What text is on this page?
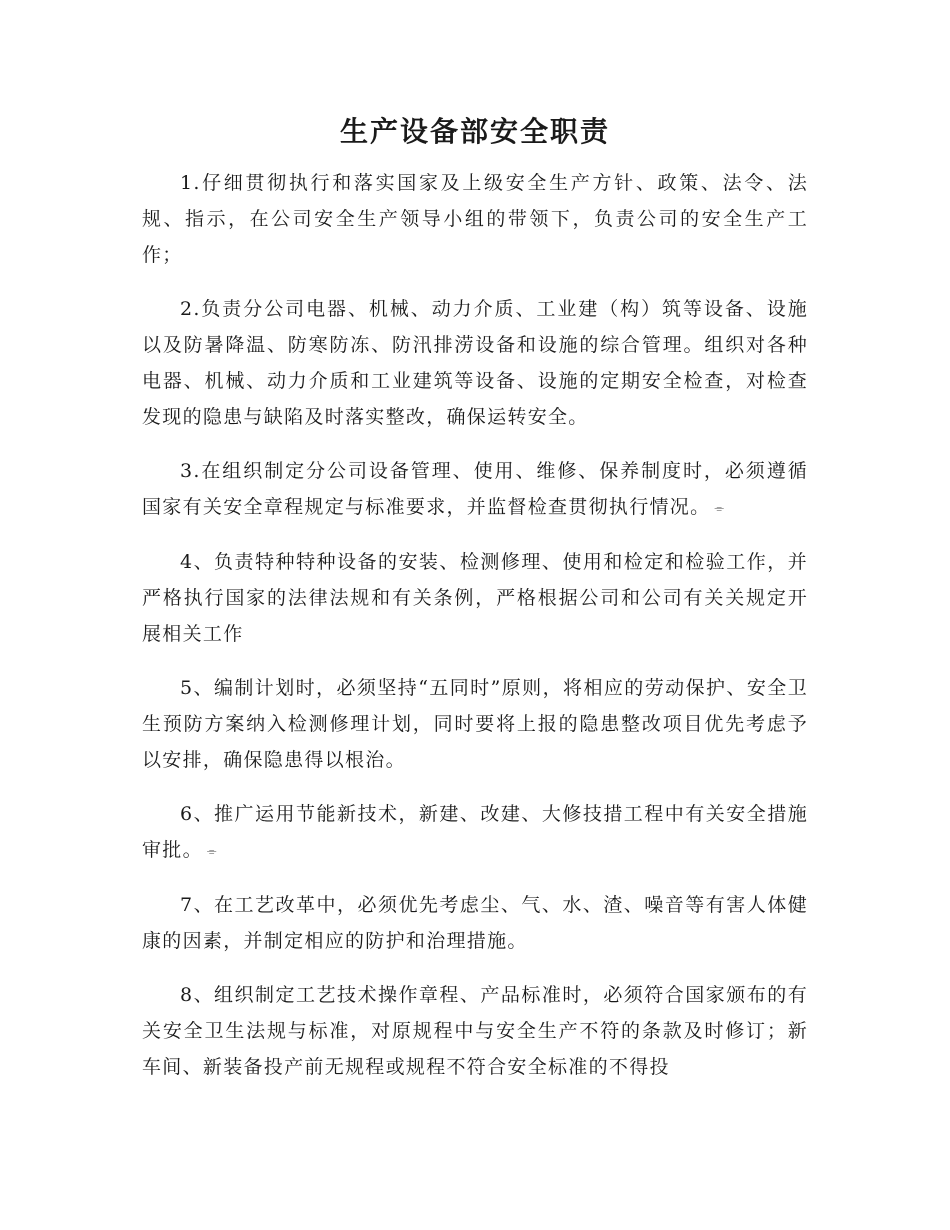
生产设备部安全职责

1.仔细贯彻执行和落实国家及上级安全生产方针、政策、法令、法规、指示，在公司安全生产领导小组的带领下，负责公司的安全生产工作；

2.负责分公司电器、机械、动力介质、工业建（构）筑等设备、设施以及防暑降温、防寒防冻、防汛排涝设备和设施的综合管理。组织对各种电器、机械、动力介质和工业建筑等设备、设施的定期安全检查，对检查发现的隐患与缺陷及时落实整改，确保运转安全。

3.在组织制定分公司设备管理、使用、维修、保养制度时，必须遵循国家有关安全章程规定与标准要求，并监督检查贯彻执行情况。 ⌯

4、负责特种特种设备的安装、检测修理、使用和检定和检验工作，并严格执行国家的法律法规和有关条例，严格根据公司和公司有关关规定开展相关工作

5、编制计划时，必须坚持“五同时”原则，将相应的劳动保护、安全卫生预防方案纳入检测修理计划，同时要将上报的隐患整改项目优先考虑予以安排，确保隐患得以根治。

6、推广运用节能新技术，新建、改建、大修技措工程中有关安全措施审批。 ⌯

7、在工艺改革中，必须优先考虑尘、气、水、渣、噪音等有害人体健康的因素，并制定相应的防护和治理措施。

8、组织制定工艺技术操作章程、产品标准时，必须符合国家颁布的有关安全卫生法规与标准，对原规程中与安全生产不符的条款及时修订；新车间、新装备投产前无规程或规程不符合安全标准的不得投
